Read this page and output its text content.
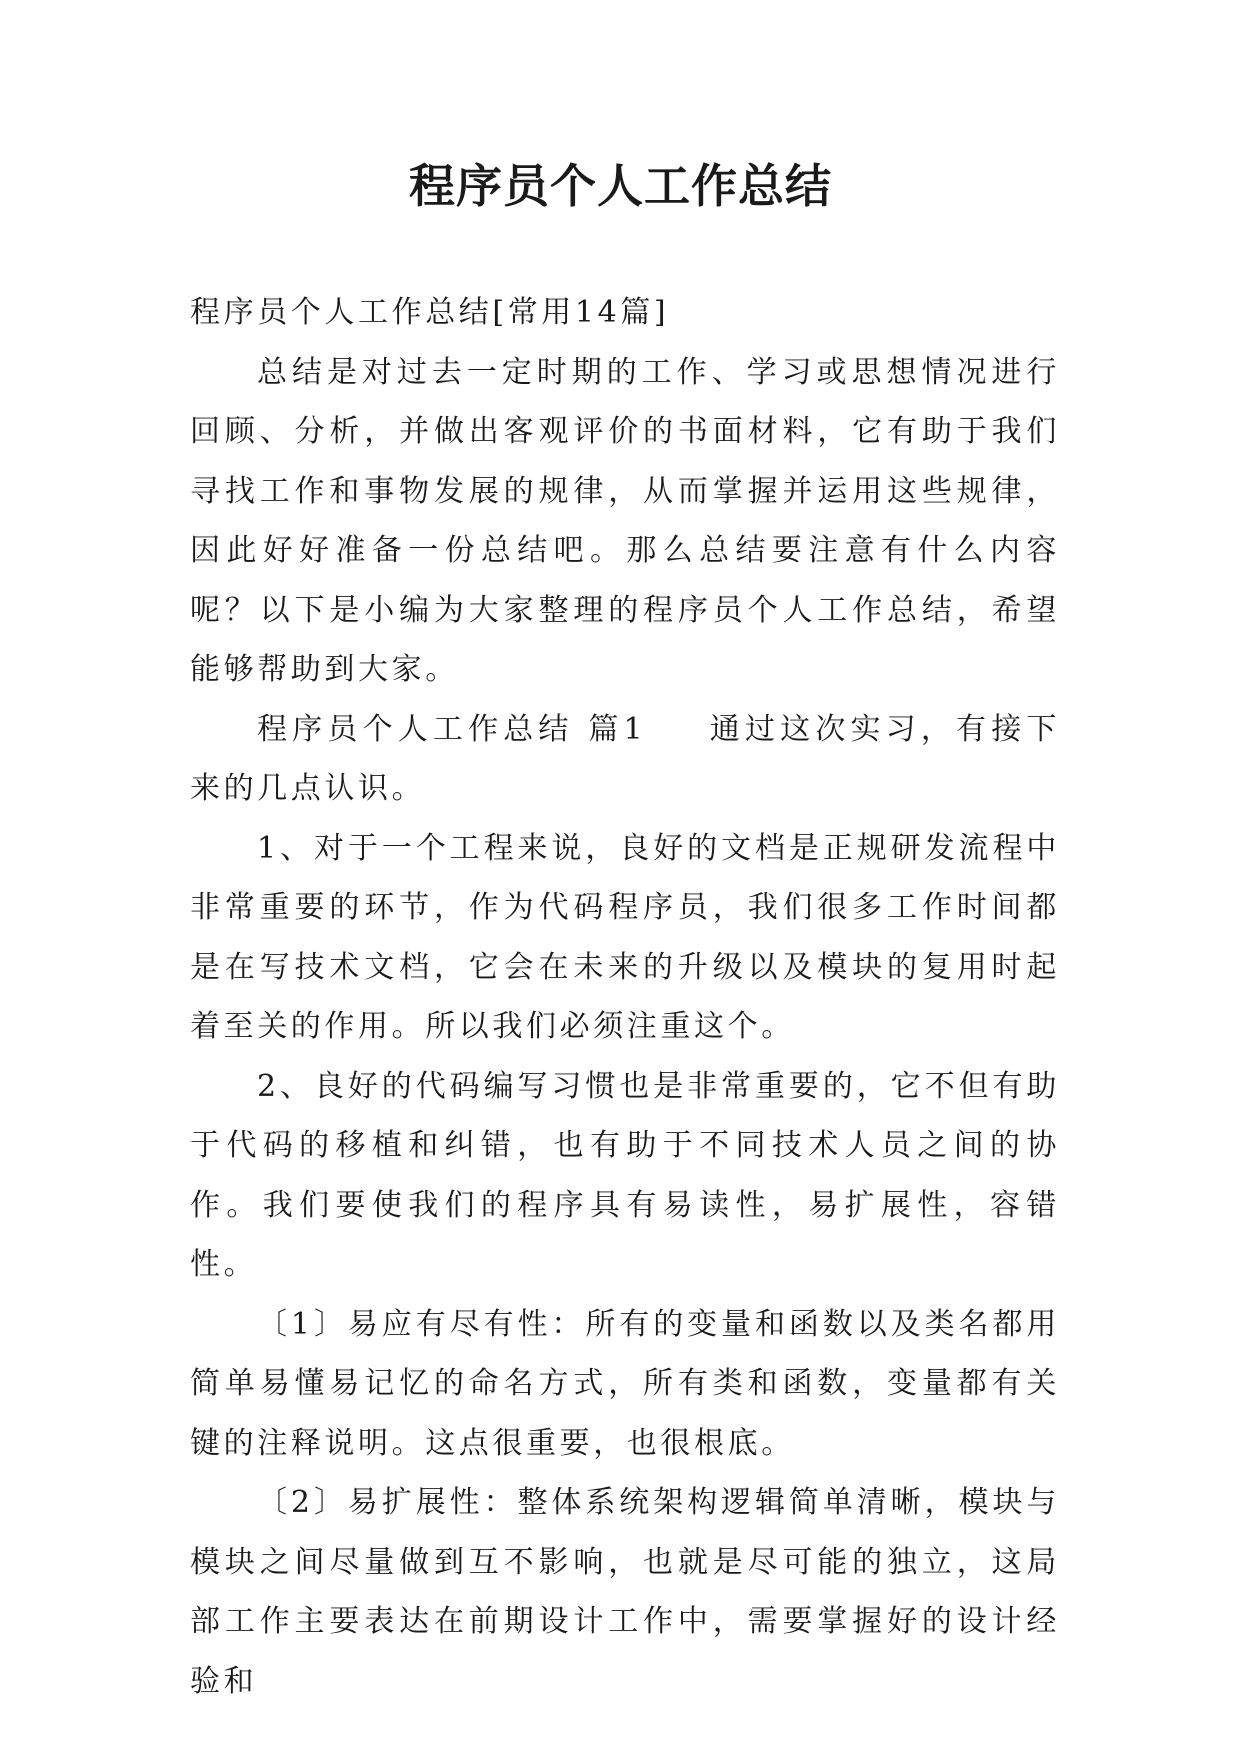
程序员个人工作总结

程序员个人工作总结[常用14篇]

总结是对过去一定时期的工作、学习或思想情况进行回顾、分析，并做出客观评价的书面材料，它有助于我们寻找工作和事物发展的规律，从而掌握并运用这些规律，因此好好准备一份总结吧。那么总结要注意有什么内容呢？以下是小编为大家整理的程序员个人工作总结，希望能够帮助到大家。

程序员个人工作总结 篇1 通过这次实习，有接下来的几点认识。

1、对于一个工程来说，良好的文档是正规研发流程中非常重要的环节，作为代码程序员，我们很多工作时间都是在写技术文档，它会在未来的升级以及模块的复用时起着至关的作用。所以我们必须注重这个。

2、良好的代码编写习惯也是非常重要的，它不但有助于代码的移植和纠错，也有助于不同技术人员之间的协作。我们要使我们的程序具有易读性，易扩展性，容错性。

〔1〕易应有尽有性：所有的变量和函数以及类名都用简单易懂易记忆的命名方式，所有类和函数，变量都有关键的注释说明。这点很重要，也很根底。

〔2〕易扩展性：整体系统架构逻辑简单清晰，模块与模块之间尽量做到互不影响，也就是尽可能的独立，这局部工作主要表达在前期设计工作中，需要掌握好的设计经验和
